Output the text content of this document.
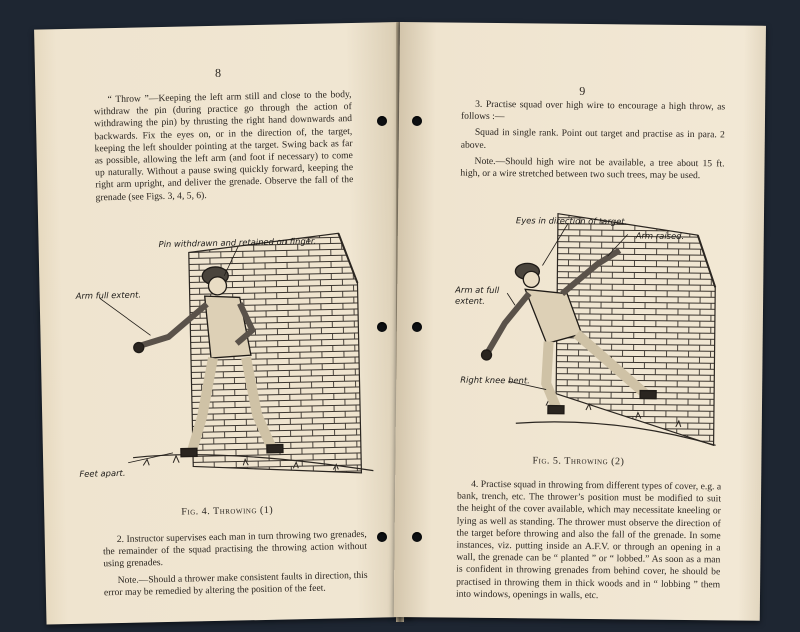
8

“ Throw ”—Keeping the left arm still and close to the body, withdraw the pin (during practice go through the action of withdrawing the pin) by thrusting the right hand downwards and backwards. Fix the eyes on, or in the direction of, the target, keeping the left shoulder pointing at the target. Swing back as far as possible, allowing the left arm (and foot if necessary) to come up naturally. Without a pause swing quickly forward, keeping the right arm upright, and deliver the grenade. Observe the fall of the grenade (see Figs. 3, 4, 5, 6).

Pin withdrawn and retained on finger.
Arm full extent.
Feet apart.
Fig. 4. Throwing (1)

2. Instructor supervises each man in turn throwing two grenades, the remainder of the squad practising the throwing action without using grenades.

Note.—Should a thrower make consistent faults in direction, this error may be remedied by altering the position of the feet.

9

3. Practise squad over high wire to encourage a high throw, as follows :—

Squad in single rank. Point out target and practise as in para. 2 above.

Note.—Should high wire not be available, a tree about 15 ft. high, or a wire stretched between two such trees, may be used.

Eyes in direction of target.
Arm raised.
Arm at full extent.
Right knee bent.
Fig. 5. Throwing (2)

4. Practise squad in throwing from different types of cover, e.g. a bank, trench, etc. The thrower’s position must be modified to suit the height of the cover available, which may necessitate kneeling or lying as well as standing. The thrower must observe the direction of the target before throwing and also the fall of the grenade. In some instances, viz. putting inside an A.F.V. or through an opening in a wall, the grenade can be “ planted ” or “ lobbed.” As soon as a man is confident in throwing grenades from behind cover, he should be practised in throwing them in thick woods and in “ lobbing ” them into windows, openings in walls, etc.
